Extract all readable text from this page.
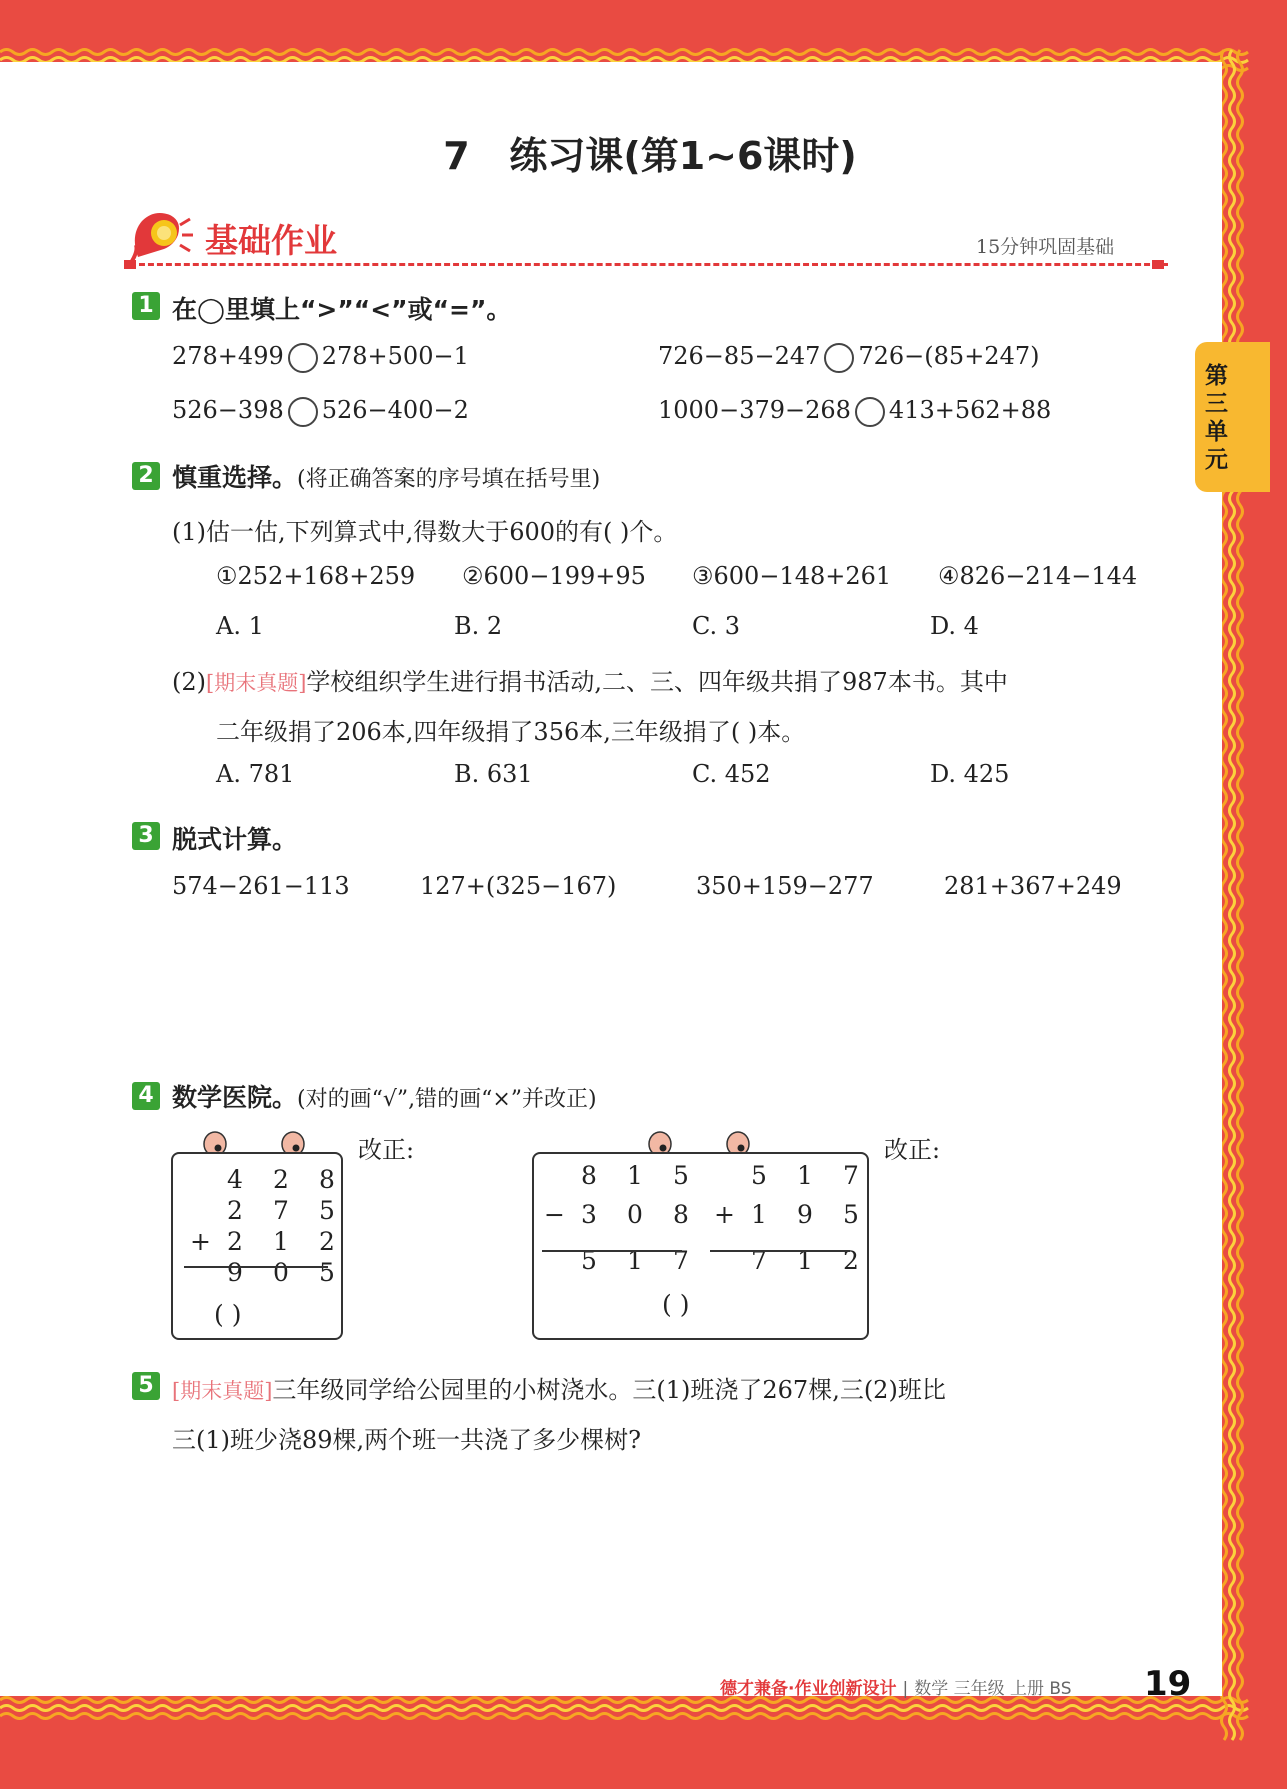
第三单元
7 练习课(第1~6课时)
基础作业	15分钟巩固基础
1 在◯里填上“>”“<”或“=”。
278+499 278+500−1	726−85−247 726−(85+247)
526−398 526−400−2	1000−379−268 413+562+88
2 慎重选择。(将正确答案的序号填在括号里)
(1)估一估,下列算式中,得数大于600的有( )个。
①252+168+259 ②600−199+95 ③600−148+261 ④826−214−144
A. 1	B. 2	C. 3	D. 4
(2)[期末真题]学校组织学生进行捐书活动,二、三、四年级共捐了987本书。其中
二年级捐了206本,四年级捐了356本,三年级捐了( )本。
A. 781	B. 631	C. 452	D. 425
3 脱式计算。
574−261−113	127+(325−167)	350+159−277	281+367+249
4 数学医院。(对的画“√”,错的画“×”并改正)
	4	2	8
	2	7	5
+	2	1	2
	9	0	5
( )
改正:
	8	1	5
−	3	0	8
	5	1	7
	5	1	7
+	1	9	5
	7	1	2
( )
改正:
5 [期末真题]三年级同学给公园里的小树浇水。三(1)班浇了267棵,三(2)班比
三(1)班少浇89棵,两个班一共浇了多少棵树?
德才兼备·作业创新设计 | 数学 三年级 上册 BS 19
